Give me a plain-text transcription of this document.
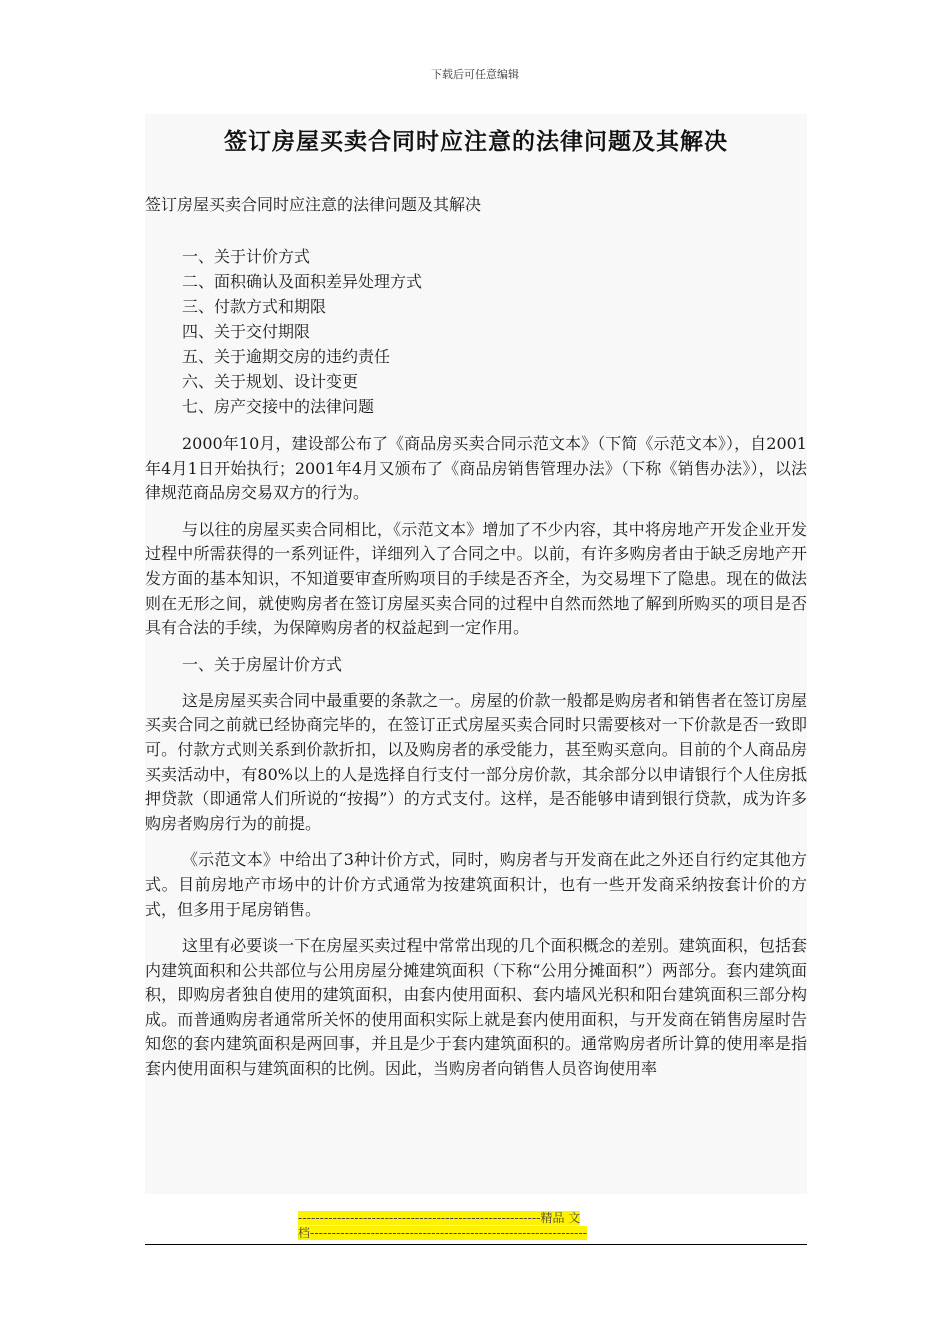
下载后可任意编辑
签订房屋买卖合同时应注意的法律问题及其解决

签订房屋买卖合同时应注意的法律问题及其解决

一、关于计价方式
二、面积确认及面积差异处理方式
三、付款方式和期限
四、关于交付期限
五、关于逾期交房的违约责任
六、关于规划、设计变更
七、房产交接中的法律问题

2000年10月，建设部公布了《商品房买卖合同示范文本》（下简《示范文本》），自2001年4月1日开始执行；2001年4月又颁布了《商品房销售管理办法》（下称《销售办法》），以法律规范商品房交易双方的行为。

与以往的房屋买卖合同相比，《示范文本》增加了不少内容，其中将房地产开发企业开发过程中所需获得的一系列证件，详细列入了合同之中。以前，有许多购房者由于缺乏房地产开发方面的基本知识，不知道要审查所购项目的手续是否齐全，为交易埋下了隐患。现在的做法则在无形之间，就使购房者在签订房屋买卖合同的过程中自然而然地了解到所购买的项目是否具有合法的手续，为保障购房者的权益起到一定作用。

一、关于房屋计价方式

这是房屋买卖合同中最重要的条款之一。房屋的价款一般都是购房者和销售者在签订房屋买卖合同之前就已经协商完毕的，在签订正式房屋买卖合同时只需要核对一下价款是否一致即可。付款方式则关系到价款折扣，以及购房者的承受能力，甚至购买意向。目前的个人商品房买卖活动中，有80%以上的人是选择自行支付一部分房价款，其余部分以申请银行个人住房抵押贷款（即通常人们所说的“按揭”）的方式支付。这样，是否能够申请到银行贷款，成为许多购房者购房行为的前提。

《示范文本》中给出了3种计价方式，同时，购房者与开发商在此之外还自行约定其他方式。目前房地产市场中的计价方式通常为按建筑面积计，也有一些开发商采纳按套计价的方式，但多用于尾房销售。

这里有必要谈一下在房屋买卖过程中常常出现的几个面积概念的差别。建筑面积，包括套内建筑面积和公共部位与公用房屋分摊建筑面积（下称“公用分摊面积”）两部分。套内建筑面积，即购房者独自使用的建筑面积，由套内使用面积、套内墙风光积和阳台建筑面积三部分构成。而普通购房者通常所关怀的使用面积实际上就是套内使用面积，与开发商在销售房屋时告知您的套内建筑面积是两回事，并且是少于套内建筑面积的。通常购房者所计算的使用率是指套内使用面积与建筑面积的比例。因此，当购房者向销售人员咨询使用率

--------------------------------------------------------精品 文
档----------------------------------------------------------------
